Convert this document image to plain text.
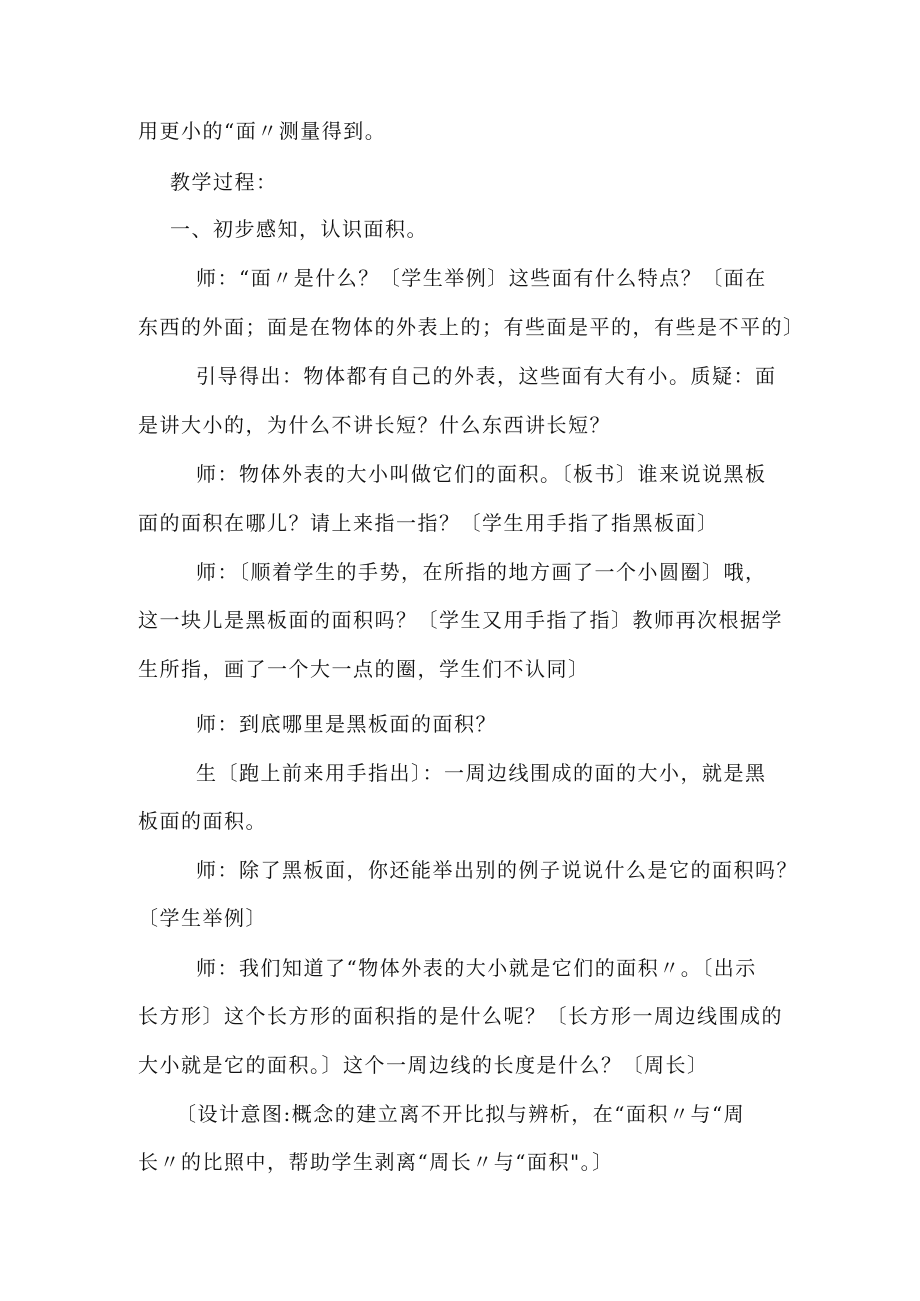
用更小的“面〃测量得到。
教学过程：
一、初步感知，认识面积。
师：“面〃是什么？〔学生举例〕这些面有什么特点？〔面在
东西的外面；面是在物体的外表上的；有些面是平的，有些是不平的〕
引导得出：物体都有自己的外表，这些面有大有小。质疑：面
是讲大小的，为什么不讲长短？什么东西讲长短？
师：物体外表的大小叫做它们的面积。〔板书〕谁来说说黑板
面的面积在哪儿？请上来指一指？〔学生用手指了指黑板面〕
师：〔顺着学生的手势，在所指的地方画了一个小圆圈〕哦，
这一块儿是黑板面的面积吗？〔学生又用手指了指〕教师再次根据学
生所指，画了一个大一点的圈，学生们不认同〕
师：到底哪里是黑板面的面积？
生〔跑上前来用手指出〕：一周边线围成的面的大小，就是黑
板面的面积。
师：除了黑板面，你还能举出别的例子说说什么是它的面积吗？
〔学生举例〕
师：我们知道了“物体外表的大小就是它们的面积〃。〔出示
长方形〕这个长方形的面积指的是什么呢？〔长方形一周边线围成的
大小就是它的面积。〕这个一周边线的长度是什么？〔周长〕
〔设计意图:概念的建立离不开比拟与辨析，在“面积〃与“周
长〃的比照中，帮助学生剥离“周长〃与“面积"。〕
